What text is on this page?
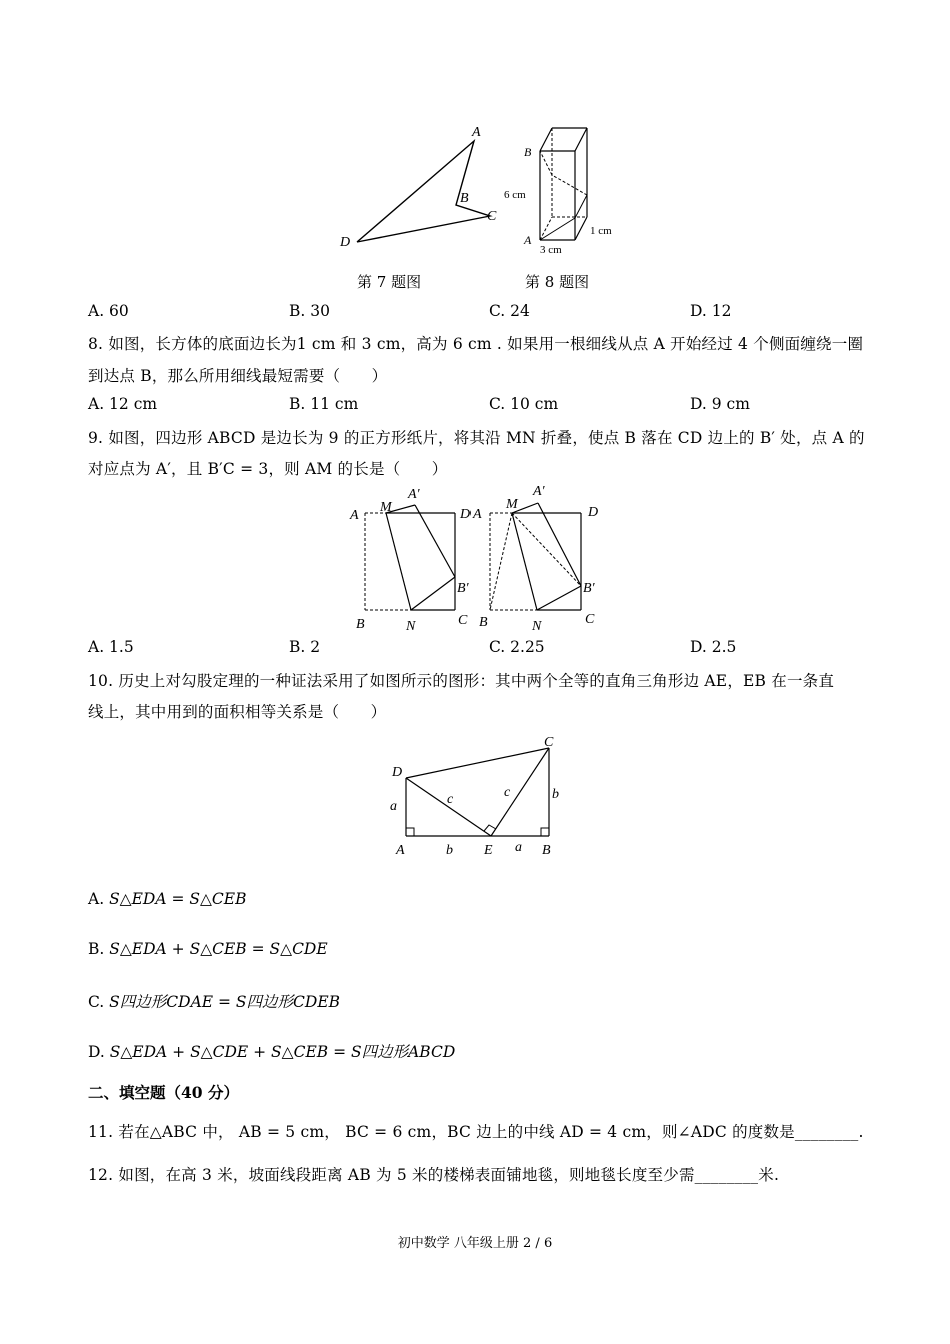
A
B
C
D
B
A
6 cm
3 cm
1 cm
第 7 题图	第 8 题图
A. 60	B. 30	C. 24	D. 12
8. 如图，长方体的底面边长为1 cm 和 3 cm，高为 6 cm . 如果用一根细线从点 A 开始经过 4 个侧面缠绕一圈
到达点 B，那么所用细线最短需要（　　）
A. 12 cm	B. 11 cm	C. 10 cm	D. 9 cm
9. 如图，四边形 ABCD 是边长为 9 的正方形纸片，将其沿 MN 折叠，使点 B 落在 CD 边上的 B′ 处，点 A 的
对应点为 A′，且 B′C = 3，则 AM 的长是（　　）
A
M
A′
D
B′
B	N	C
A
M
A′
D
B′
B	N	C
A. 1.5	B. 2	C. 2.25	D. 2.5
10. 历史上对勾股定理的一种证法采用了如图所示的图形：其中两个全等的直角三角形边 AE，EB 在一条直
线上，其中用到的面积相等关系是（　　）
D
C
A	E	B
a
b	a
b
c	c
A. S△EDA = S△CEB
B. S△EDA + S△CEB = S△CDE
C. S四边形CDAE = S四边形CDEB
D. S△EDA + S△CDE + S△CEB = S四边形ABCD
二、填空题（40 分）
11. 若在△ABC 中， AB = 5 cm， BC = 6 cm，BC 边上的中线 AD = 4 cm，则∠ADC 的度数是________.
12. 如图，在高 3 米，坡面线段距离 AB 为 5 米的楼梯表面铺地毯，则地毯长度至少需________米.
初中数学 八年级上册 2 / 6
